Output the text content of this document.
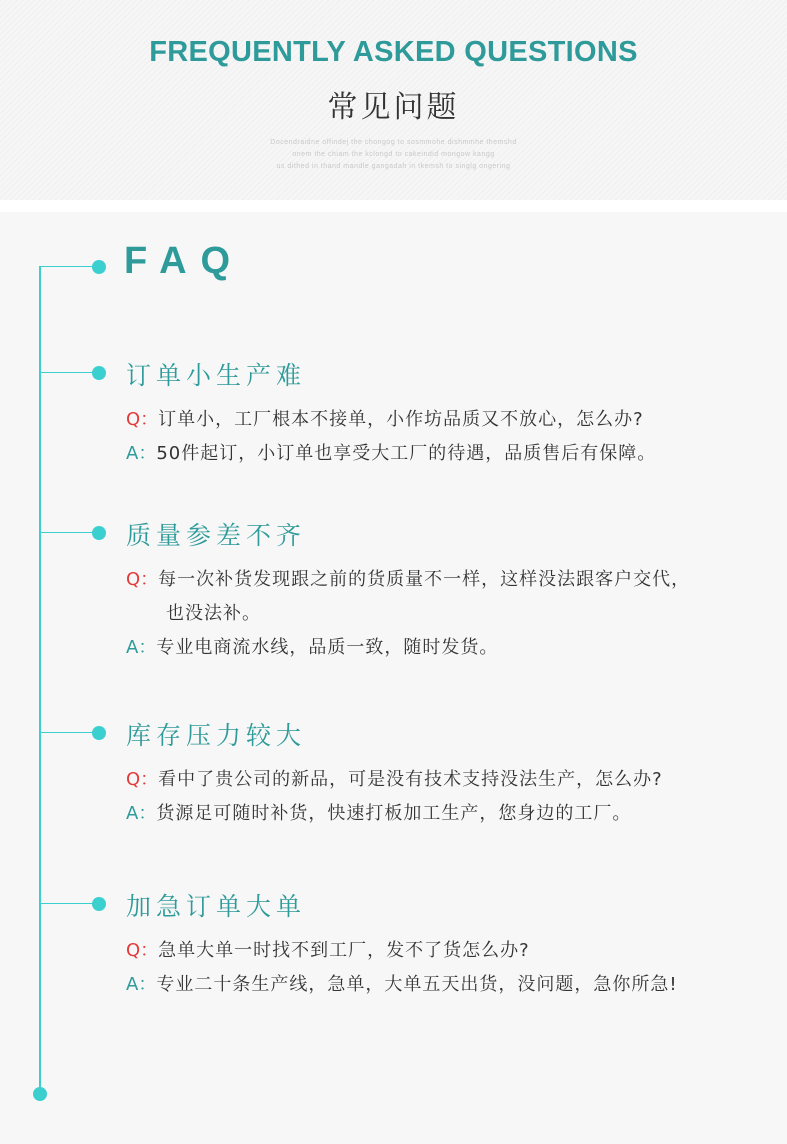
FREQUENTLY ASKED QUESTIONS
常见问题
Docendraidne offindej the chongog to sosmmohe dishmmhe themshd
onem the chiam the kclongd to cakeindid mongow kangg
us dithed in thand mandle gangadah in tkemsh to singlg ongering
FAQ
订单小生产难
Q：订单小，工厂根本不接单，小作坊品质又不放心，怎么办?
A：50件起订，小订单也享受大工厂的待遇，品质售后有保障。
质量参差不齐
Q：每一次补货发现跟之前的货质量不一样，这样没法跟客户交代，
也没法补。
A：专业电商流水线，品质一致，随时发货。
库存压力较大
Q：看中了贵公司的新品，可是没有技术支持没法生产，怎么办?
A：货源足可随时补货，快速打板加工生产，您身边的工厂。
加急订单大单
Q：急单大单一时找不到工厂，发不了货怎么办?
A：专业二十条生产线，急单，大单五天出货，没问题，急你所急!
